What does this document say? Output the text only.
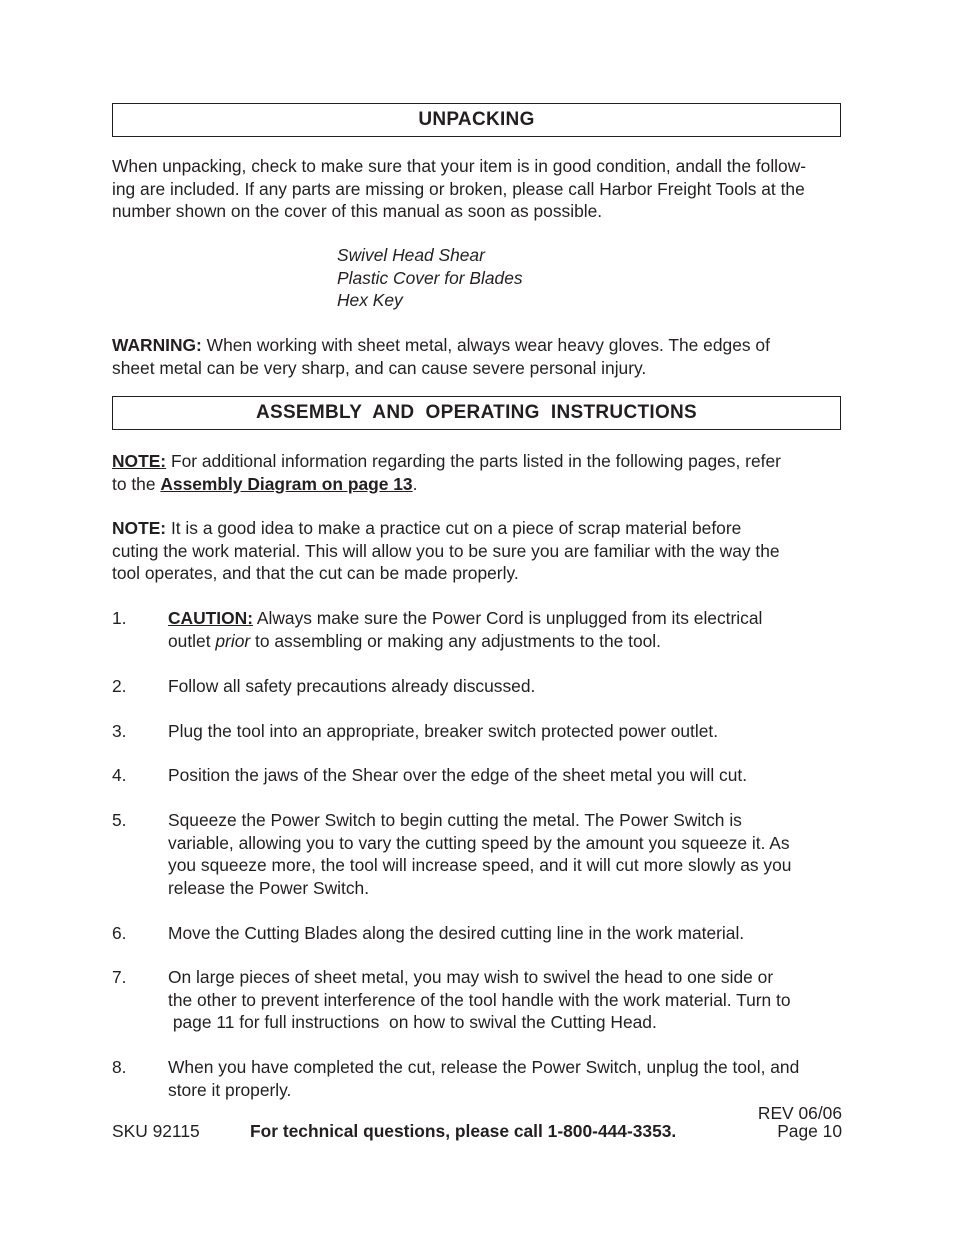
UNPACKING
When unpacking, check to make sure that your item is in good condition, andall the follow-
ing are included. If any parts are missing or broken, please call Harbor Freight Tools at the
number shown on the cover of this manual as soon as possible.
Swivel Head Shear
Plastic Cover for Blades
Hex Key
WARNING: When working with sheet metal, always wear heavy gloves. The edges of
sheet metal can be very sharp, and can cause severe personal injury.
ASSEMBLY  AND  OPERATING  INSTRUCTIONS
NOTE: For additional information regarding the parts listed in the following pages, refer
to the Assembly Diagram on page 13.
NOTE: It is a good idea to make a practice cut on a piece of scrap material before
cuting the work material. This will allow you to be sure you are familiar with the way the
tool operates, and that the cut can be made properly.
1. CAUTION: Always make sure the Power Cord is unplugged from its electrical
outlet prior to assembling or making any adjustments to the tool.
2. Follow all safety precautions already discussed.
3. Plug the tool into an appropriate, breaker switch protected power outlet.
4. Position the jaws of the Shear over the edge of the sheet metal you will cut.
5. Squeeze the Power Switch to begin cutting the metal. The Power Switch is
variable, allowing you to vary the cutting speed by the amount you squeeze it. As
you squeeze more, the tool will increase speed, and it will cut more slowly as you
release the Power Switch.
6. Move the Cutting Blades along the desired cutting line in the work material.
7. On large pieces of sheet metal, you may wish to swivel the head to one side or
the other to prevent interference of the tool handle with the work material. Turn to
page 11 for full instructions  on how to swival the Cutting Head.
8. When you have completed the cut, release the Power Switch, unplug the tool, and
store it properly.
REV 06/06
SKU 92115	For technical questions, please call 1-800-444-3353.	Page 10
